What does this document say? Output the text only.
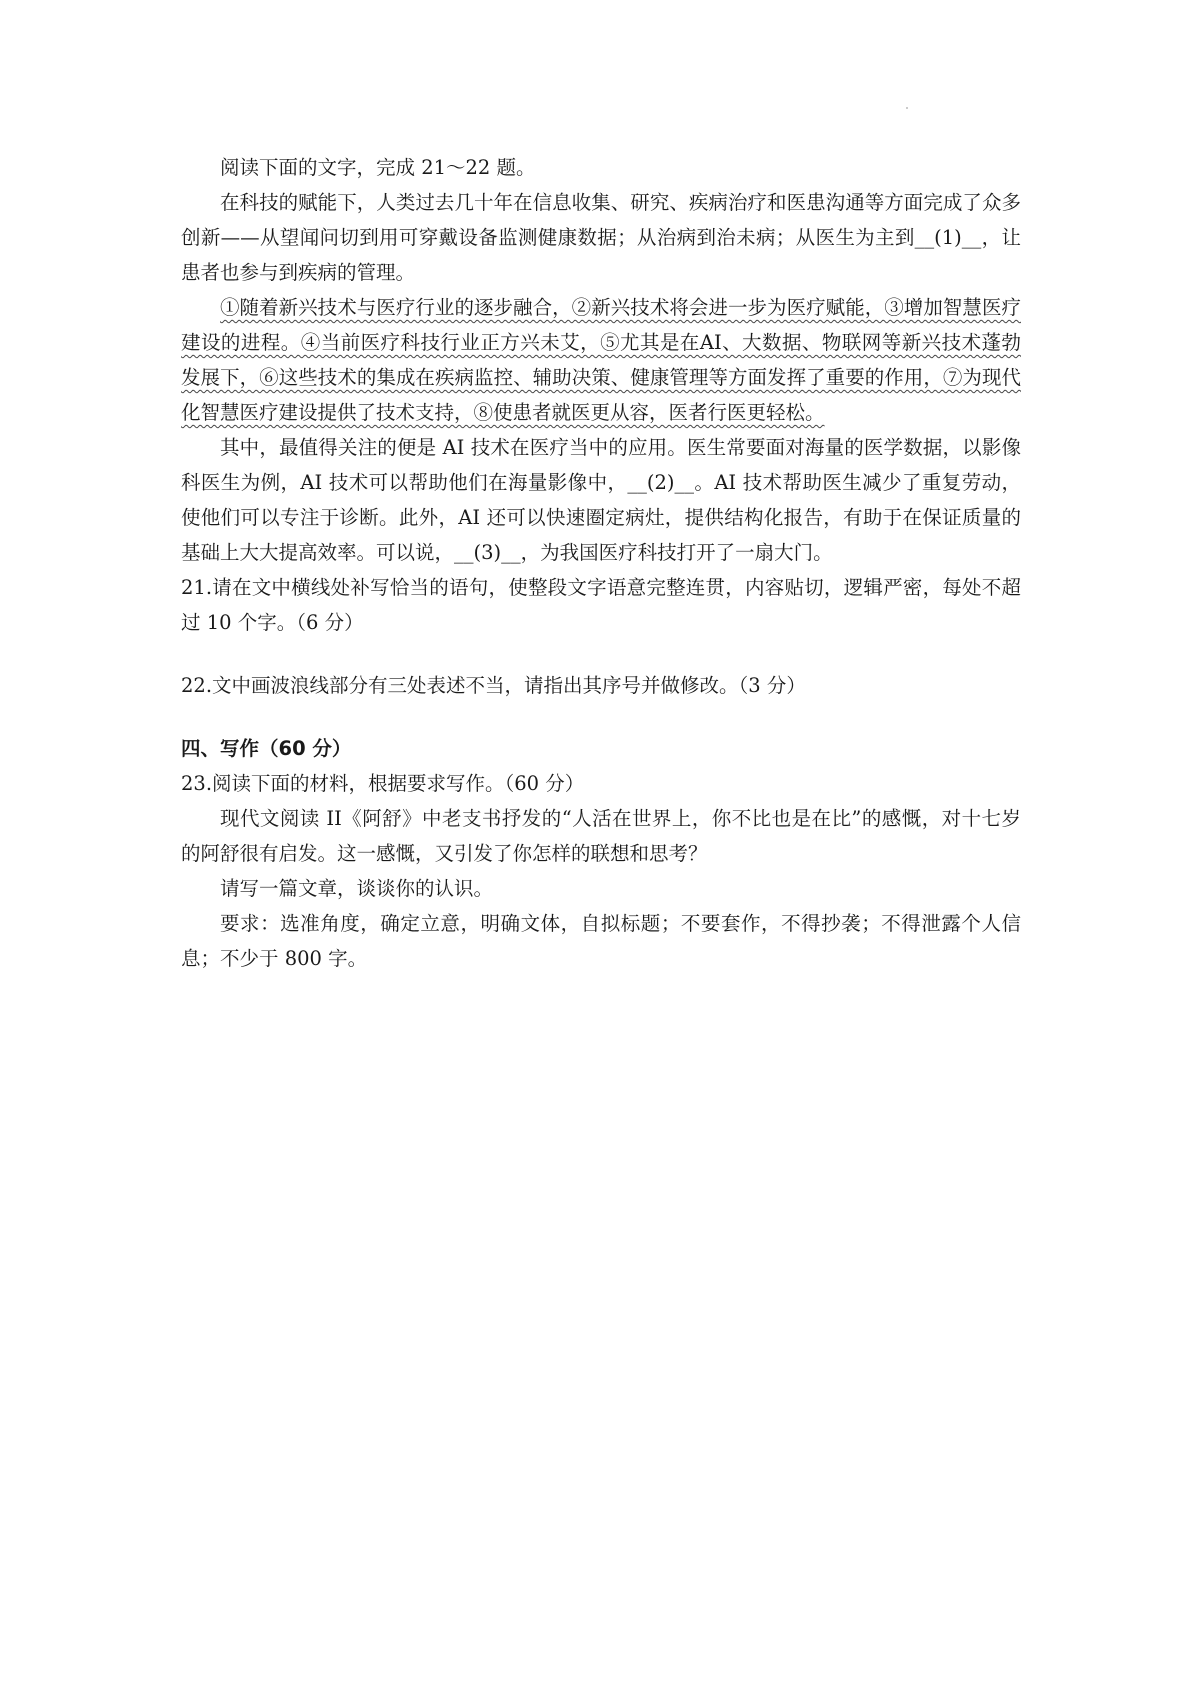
阅读下面的文字，完成 21～22 题。

在科技的赋能下，人类过去几十年在信息收集、研究、疾病治疗和医患沟通等方面完成了众多创新——从望闻问切到用可穿戴设备监测健康数据；从治病到治未病；从医生为主到__(1)__，让患者也参与到疾病的管理。

①随着新兴技术与医疗行业的逐步融合，②新兴技术将会进一步为医疗赋能，③增加智慧医疗建设的进程。④当前医疗科技行业正方兴未艾，⑤尤其是在AI、大数据、物联网等新兴技术蓬勃发展下，⑥这些技术的集成在疾病监控、辅助决策、健康管理等方面发挥了重要的作用，⑦为现代化智慧医疗建设提供了技术支持，⑧使患者就医更从容，医者行医更轻松。

其中，最值得关注的便是 AI 技术在医疗当中的应用。医生常要面对海量的医学数据，以影像科医生为例，AI 技术可以帮助他们在海量影像中，__(2)__。AI 技术帮助医生减少了重复劳动，使他们可以专注于诊断。此外，AI 还可以快速圈定病灶，提供结构化报告，有助于在保证质量的基础上大大提高效率。可以说，__(3)__，为我国医疗科技打开了一扇大门。

21.请在文中横线处补写恰当的语句，使整段文字语意完整连贯，内容贴切，逻辑严密，每处不超过 10 个字。（6 分）

22.文中画波浪线部分有三处表述不当，请指出其序号并做修改。（3 分）

四、写作（60 分）

23.阅读下面的材料，根据要求写作。（60 分）

现代文阅读 II《阿舒》中老支书抒发的“人活在世界上，你不比也是在比”的感慨，对十七岁的阿舒很有启发。这一感慨，又引发了你怎样的联想和思考？

请写一篇文章，谈谈你的认识。

要求：选准角度，确定立意，明确文体，自拟标题；不要套作，不得抄袭；不得泄露个人信息；不少于 800 字。
